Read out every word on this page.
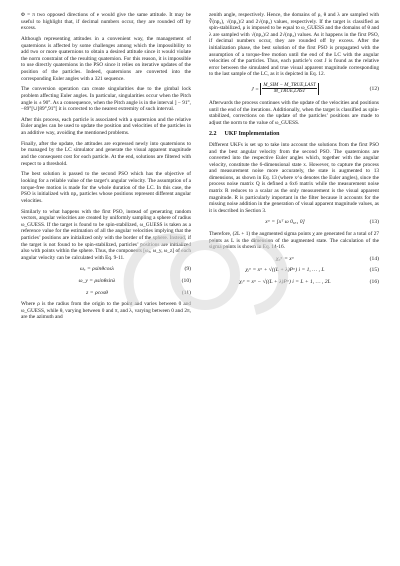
Φ = π two opposed directions of e would give the same attitude. It may be useful to highlight that, if decimal numbers occur, they are rounded off by excess.

Although representing attitudes in a convenient way, the management of quaternions is affected by some challenges among which the impossibility to add two or more quaternions to obtain a desired attitude since it would violate the norm constraint of the resulting quaternion. For this reason, it is impossible to use directly quaternions in the PSO since it relies on iterative updates of the position of the particles. Indeed, quaternions are converted into the corresponding Euler angles with a 321 sequence.

The conversion operation can create singularities due to the gimbal lock problem affecting Euler angles. In particular, singularities occur when the Pitch angle is ± 90°. As a consequence, when the Pitch angle is in the interval ] − 91°,−89°[∪]89°,91°[ it is corrected to the nearest extremity of such interval.

After this process, each particle is associated with a quaternion and the relative Euler angles can be used to update the position and velocities of the particles in an additive way, avoiding the mentioned problems.

Finally, after the update, the attitudes are expressed newly into quaternions to be managed by the LC simulator and generate the visual apparent magnitude and the consequent cost for each particle. At the end, solutions are filtered with respect to a threshold.

The best solution is passed to the second PSO which has the objective of looking for a reliable value of the target’s angular velocity. The assumption of a torque-free motion is made for the whole duration of the LC. In this case, the PSO is initialized with np₂ particles whose positions represent different angular velocities.

Similarly to what happens with the first PSO, instead of generating random vectors, angular velocities are created by uniformly sampling a sphere of radius ω_GUESS. If the target is found to be spin-stabilized, ω_GUESS is taken as a reference value for the estimation of all the angular velocities implying that the particles’ positions are initialized only with the border of the sphere. Instead, if the target is not found to be spin-stabilized, particles’ positions are initialized also with points within the sphere. Thus, the components [ωₓ, ω_y, ω_z] of each angular velocity can be calculated with Eq. 9-11.

ωₓ = ρsinθcosλ	(9)
ω_y = ρsinθsinλ	(10)
z = ρcosθ	(11)

Where ρ is the radius from the origin to the point and varies between 0 and ω_GUESS, while θ, varying between 0 and π, and λ, varying between 0 and 2π, are the azimuth and

zenith angle, respectively. Hence, the domains of ρ, θ and λ are sampled with ∛(np₂), √(np₂)/2 and 2√(np₂) values, respectively. If the target is classified as spin-stabilized, ρ is imposed to be equal to ω_GUESS and the domains of θ and λ are sampled with √(np₂)/2 and 2√(np₂) values. As it happens in the first PSO, if decimal numbers occur, they are rounded off by excess. After the initialization phase, the best solution of the first PSO is propagated with the assumption of a torque-free motion until the end of the LC with the angular velocities of the particles. Thus, each particle’s cost J is found as the relative error between the simulated and true visual apparent magnitude corresponding to the last sample of the LC, as it is depicted in Eq. 12.

$J = \frac{\text{M\_SIM − M\_TRUE,LAST}}{\text{M\_TRUE,LAST}}$	(12)

Afterwards the process continues with the update of the velocities and positions until the end of the iterations. Additionally, when the target is classified as spin-stabilized, corrections on the update of the particles’ positions are made to adjust the norm to the value of ω_GUESS.

2.2 UKF Implementation

Different UKFs is set up to take into account the solutions from the first PSO and the best angular velocity from the second PSO. The quaternions are converted into the respective Euler angles which, together with the angular velocity, constitute the 6-dimensional state x. However, to capture the process and measurement noise more accurately, the state is augmented to 13 dimensions, as shown in Eq. 13 (where x^a denotes the Euler angles), since the process noise matrix Q is defined a 6x6 matrix while the measurement noise matrix R reduces to a scalar as the only measurement is the visual apparent magnitude. R is particularly important in the filter because it accounts for the missing noise addition in the generation of visual apparent magnitude values, as it is described in Section 3.

xᵃ = [xᵀ ω 0₆ₓ₁ 0]	(13)

Therefore, (2L + 1) the augmented sigma points χ are generated for a total of 27 points as L is the dimension of the augmented state. The calculation of the sigma points is shown in Eq. 14-16.

χ₀ᵃ = xᵃ	(14)
χᵢᵃ = xᵃ + √((L + λ)Pᵃ) i = 1, … , L	(15)
χᵢᵃ = xᵃ − √((L + λ)Pᵃ) i = L + 1, … , 2L	(16)
